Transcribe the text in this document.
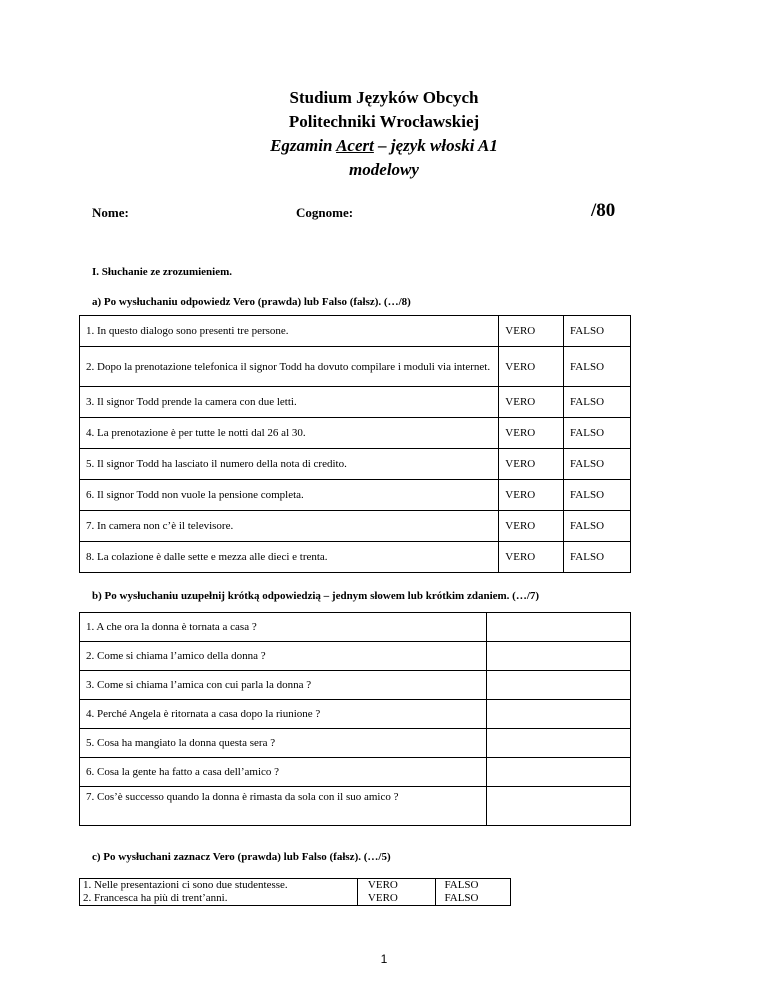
Studium Języków Obcych
Politechniki Wrocławskiej
Egzamin Acert – język włoski A1
modelowy
Nome:	Cognome:	/80
I. Słuchanie ze zrozumieniem.
a) Po wysłuchaniu odpowiedz Vero (prawda) lub Falso (fałsz). (…/8)
1. In questo dialogo sono presenti tre persone.	VERO	FALSO
2. Dopo la prenotazione telefonica il signor Todd ha dovuto compilare i moduli via internet.	VERO	FALSO
3. Il signor Todd prende la camera con due letti.	VERO	FALSO
4. La prenotazione è per tutte le notti dal 26 al 30.	VERO	FALSO
5. Il signor Todd ha lasciato il numero della nota di credito.	VERO	FALSO
6. Il signor Todd non vuole la pensione completa.	VERO	FALSO
7. In camera non c’è il televisore.	VERO	FALSO
8. La colazione è dalle sette e mezza alle dieci e trenta.	VERO	FALSO
b) Po wysłuchaniu uzupełnij krótką odpowiedzią – jednym słowem lub krótkim zdaniem. (…/7)
1. A che ora la donna è tornata a casa ?	
2. Come si chiama l’amico della donna ?	
3. Come si chiama l’amica con cui parla la donna ?	
4. Perché Angela è ritornata a casa dopo la riunione ?	
5. Cosa ha mangiato la donna questa sera ?	
6. Cosa la gente ha fatto a casa dell’amico ?	
7. Cos’è successo quando la donna è rimasta da sola con il suo amico ?	
c) Po wysłuchani zaznacz Vero (prawda) lub Falso (fałsz). (…/5)
1. Nelle presentazioni ci sono due studentesse.	VERO	FALSO
2. Francesca ha più di trent’anni.	VERO	FALSO
1
